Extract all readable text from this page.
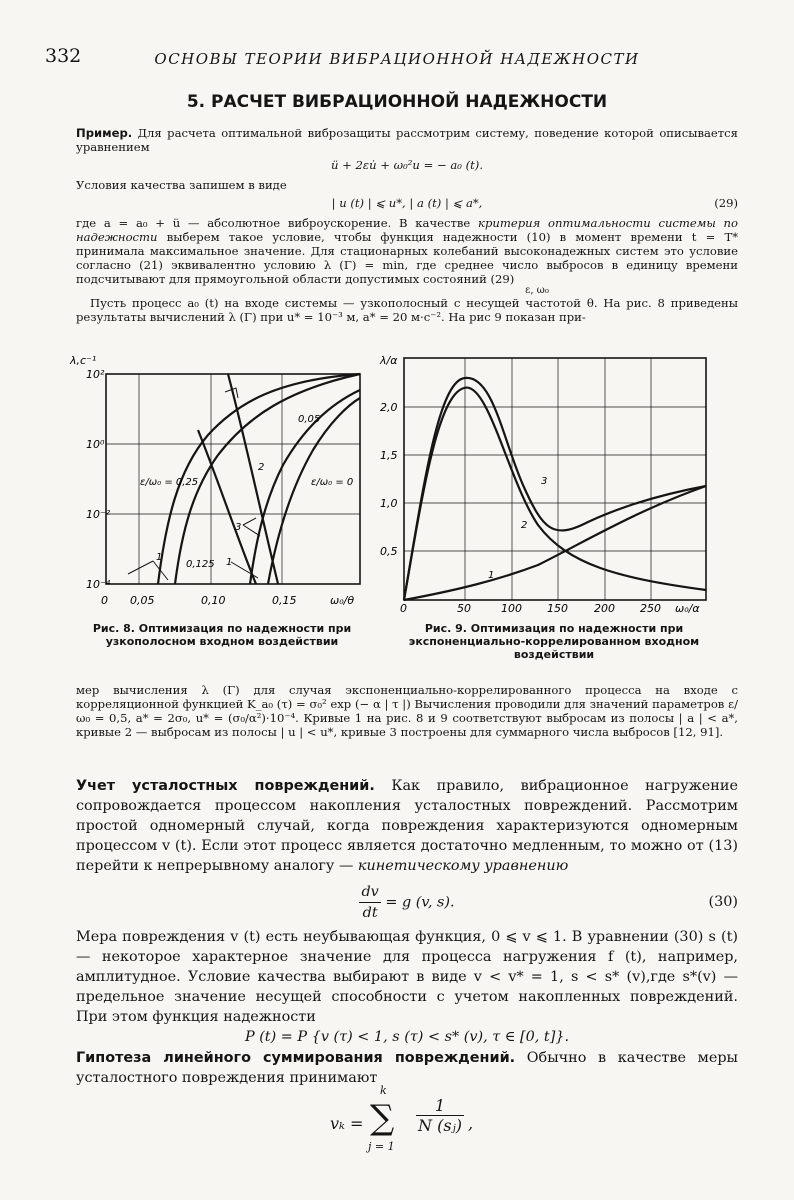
332	ОСНОВЫ ТЕОРИИ ВИБРАЦИОННОЙ НАДЕЖНОСТИ
5. РАСЧЕТ ВИБРАЦИОННОЙ НАДЕЖНОСТИ
Пример. Для расчета оптимальной виброзащиты рассмотрим систему, поведение которой описывается уравнением
ü + 2εu̇ + ω₀²u = − a₀ (t).
Условия качества запишем в виде
| u (t) | ⩽ u*, | a (t) | ⩽ a*,	(29)
где a = a₀ + ü — абсолютное виброускорение. В качестве критерия оптимальности системы по надежности выберем такое условие, чтобы функция надежности (10) в момент времени t = T* принимала максимальное значение. Для стационарных колебаний высоконадежных систем это условие согласно (21) эквивалентно условию λ (Γ) = min, где среднее число выбросов в единицу времени подсчитывают для прямоугольной области допустимых состояний (29)
ε, ω₀
Пусть процесс a₀ (t) на входе системы — узкополосный с несущей частотой θ. На рис. 8 приведены результаты вычислений λ (Γ) при u* = 10⁻³ м, a* = 20 м·с⁻². На рис 9 показан при-
λ,c⁻¹
10²
10⁰
10⁻²
10⁻⁴
0 0,05	0,10	0,15	ω₀/θ
ε/ω₀ = 0,25	ε/ω₀ = 0
0,05
0,125
1	1
2
3
Рис. 8. Оптимизация по надежности при узкополосном входном воздействии
λ/α
2,0
1,5
1,0
0,5
0	50	100 150 200 250 ω₀/α
1
2
3
Рис. 9. Оптимизация по надежности при экспоненциально-коррелированном входном воздействии
мер вычисления λ (Γ) для случая экспоненциально-коррелированного процесса на входе с корреляционной функцией K_a₀ (τ) = σ₀² exp (− α | τ |) Вычисления проводили для значений параметров ε/ω₀ = 0,5, a* = 2σ₀, u* = (σ₀/α²)·10⁻⁴. Кривые 1 на рис. 8 и 9 соответствуют выбросам из полосы | a | < a*, кривые 2 — выбросам из полосы | u | < u*, кривые 3 построены для суммарного числа выбросов [12, 91].
Учет усталостных повреждений. Как правило, вибрационное нагружение сопровождается процессом накопления усталостных повреждений. Рассмотрим простой одномерный случай, когда повреждения характеризуются одномерным процессом v (t). Если этот процесс является достаточно медленным, то можно от (13) перейти к непрерывному аналогу — кинетическому уравнению
$\frac{dv}{dt} = g$ (v, s).	(30)
Мера повреждения v (t) есть неубывающая функция, 0 ⩽ v ⩽ 1. В уравнении (30) s (t) — некоторое характерное значение для процесса нагружения f (t), например, амплитудное. Условие качества выбирают в виде v < v* = 1, s < s* (v),где s*(v) — предельное значение несущей способности с учетом накопленных повреждений. При этом функция надежности
P (t) = P {v (τ) < 1, s (τ) < s* (v), τ ∈ [0, t]}.
Гипотеза линейного суммирования повреждений. Обычно в качестве меры усталостного повреждения принимают
vₖ =
k
∑
j = 1
$\frac{1}{\text{N (sⱼ)}}$ ,
